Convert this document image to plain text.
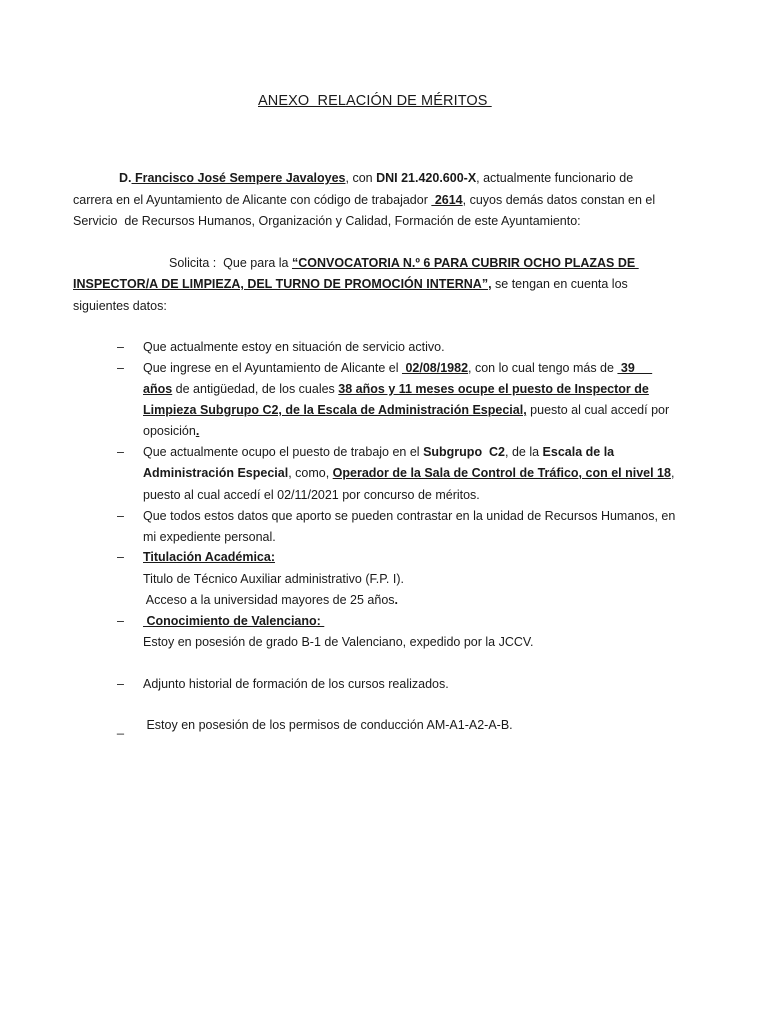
ANEXO  RELACIÓN DE MÉRITOS
D. Francisco José Sempere Javaloyes, con DNI 21.420.600-X, actualmente funcionario de
carrera en el Ayuntamiento de Alicante con código de trabajador  2614, cuyos demás datos constan en el
Servicio  de Recursos Humanos, Organización y Calidad, Formación de este Ayuntamiento:
Solicita :  Que para la “CONVOCATORIA N.º 6 PARA CUBRIR OCHO PLAZAS DE
INSPECTOR/A DE LIMPIEZA, DEL TURNO DE PROMOCIÓN INTERNA”, se tengan en cuenta los
siguientes datos:
– Que actualmente estoy en situación de servicio activo.
– Que ingrese en el Ayuntamiento de Alicante el  02/08/1982, con lo cual tengo más de  39
años de antigüedad, de los cuales 38 años y 11 meses ocupe el puesto de Inspector de
Limpieza Subgrupo C2, de la Escala de Administración Especial, puesto al cual accedí por
oposición.
– Que actualmente ocupo el puesto de trabajo en el Subgrupo  C2, de la Escala de la
Administración Especial, como, Operador de la Sala de Control de Tráfico, con el nivel 18,
puesto al cual accedí el 02/11/2021 por concurso de méritos.
– Que todos estos datos que aporto se pueden contrastar en la unidad de Recursos Humanos, en
mi expediente personal.
– Titulación Académica:
Titulo de Técnico Auxiliar administrativo (F.P. I).
Acceso a la universidad mayores de 25 años.
– Conocimiento de Valenciano:
Estoy en posesión de grado B-1 de Valenciano, expedido por la JCCV.
– Adjunto historial de formación de los cursos realizados.
_ Estoy en posesión de los permisos de conducción AM-A1-A2-A-B.
